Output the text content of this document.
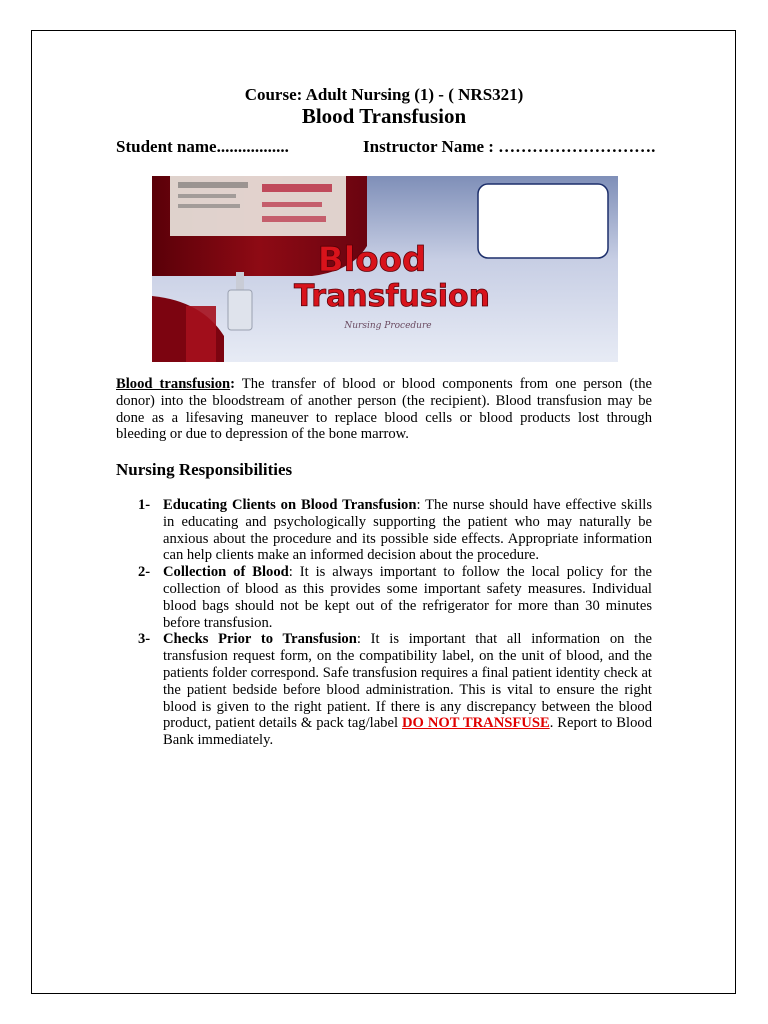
Course: Adult Nursing (1) - ( NRS321)
Blood Transfusion
Student name.................	Instructor Name : ……………………….
Blood
Transfusion
Nursing Procedure
Blood transfusion: The transfer of blood or blood components from one person (the donor) into the bloodstream of another person (the recipient). Blood transfusion may be done as a lifesaving maneuver to replace blood cells or blood products lost through bleeding or due to depression of the bone marrow.
Nursing Responsibilities
1- Educating Clients on Blood Transfusion: The nurse should have effective skills in educating and psychologically supporting the patient who may naturally be anxious about the procedure and its possible side effects. Appropriate information can help clients make an informed decision about the procedure.
2- Collection of Blood: It is always important to follow the local policy for the collection of blood as this provides some important safety measures. Individual blood bags should not be kept out of the refrigerator for more than 30 minutes before transfusion.
3- Checks Prior to Transfusion: It is important that all information on the transfusion request form, on the compatibility label, on the unit of blood, and the patients folder correspond. Safe transfusion requires a final patient identity check at the patient bedside before blood administration. This is vital to ensure the right blood is given to the right patient. If there is any discrepancy between the blood product, patient details & pack tag/label DO NOT TRANSFUSE. Report to Blood Bank immediately.
